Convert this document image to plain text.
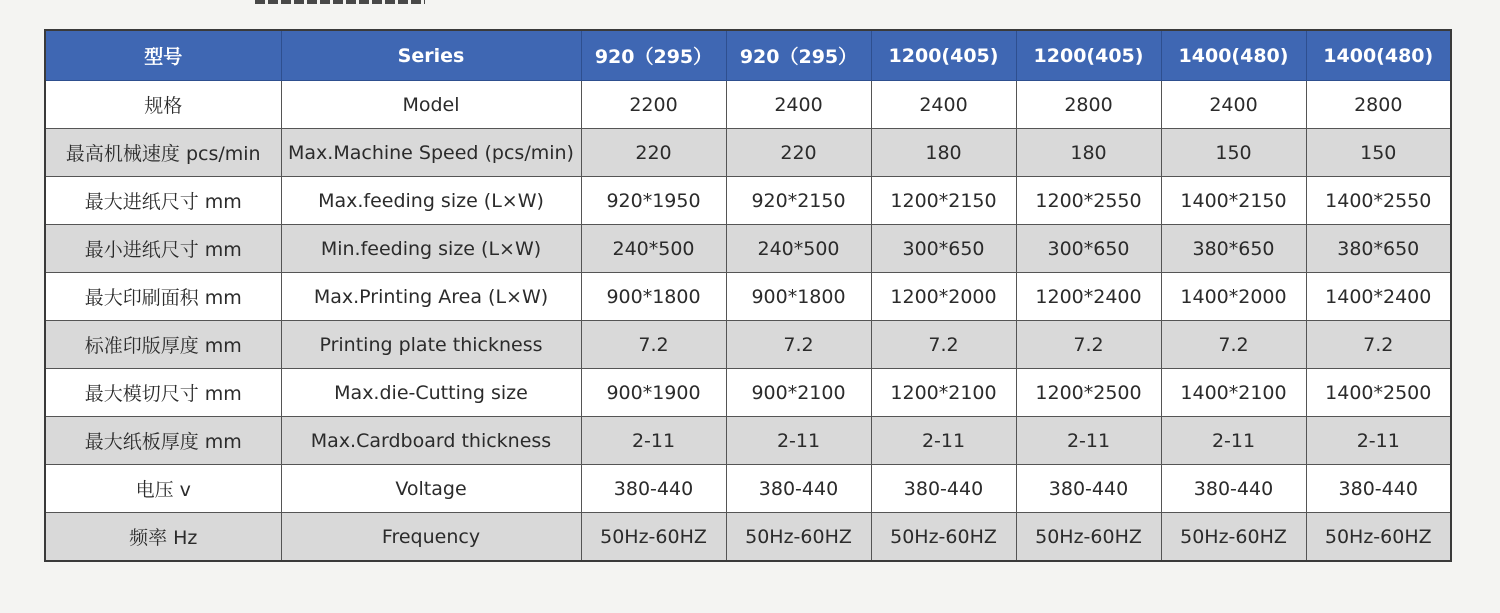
型号	Series	920（295）	920（295）	1200(405)	1200(405)	1400(480)	1400(480)
规格	Model	2200	2400	2400	2800	2400	2800
最高机械速度 pcs/min	Max.Machine Speed (pcs/min)	220	220	180	180	150	150
最大进纸尺寸 mm	Max.feeding size (L×W)	920*1950	920*2150	1200*2150	1200*2550	1400*2150	1400*2550
最小进纸尺寸 mm	Min.feeding size (L×W)	240*500	240*500	300*650	300*650	380*650	380*650
最大印刷面积 mm	Max.Printing Area (L×W)	900*1800	900*1800	1200*2000	1200*2400	1400*2000	1400*2400
标准印版厚度 mm	Printing plate thickness	7.2	7.2	7.2	7.2	7.2	7.2
最大模切尺寸 mm	Max.die-Cutting size	900*1900	900*2100	1200*2100	1200*2500	1400*2100	1400*2500
最大纸板厚度 mm	Max.Cardboard thickness	2-11	2-11	2-11	2-11	2-11	2-11
电压 v	Voltage	380-440	380-440	380-440	380-440	380-440	380-440
频率 Hz	Frequency	50Hz-60HZ	50Hz-60HZ	50Hz-60HZ	50Hz-60HZ	50Hz-60HZ	50Hz-60HZ
